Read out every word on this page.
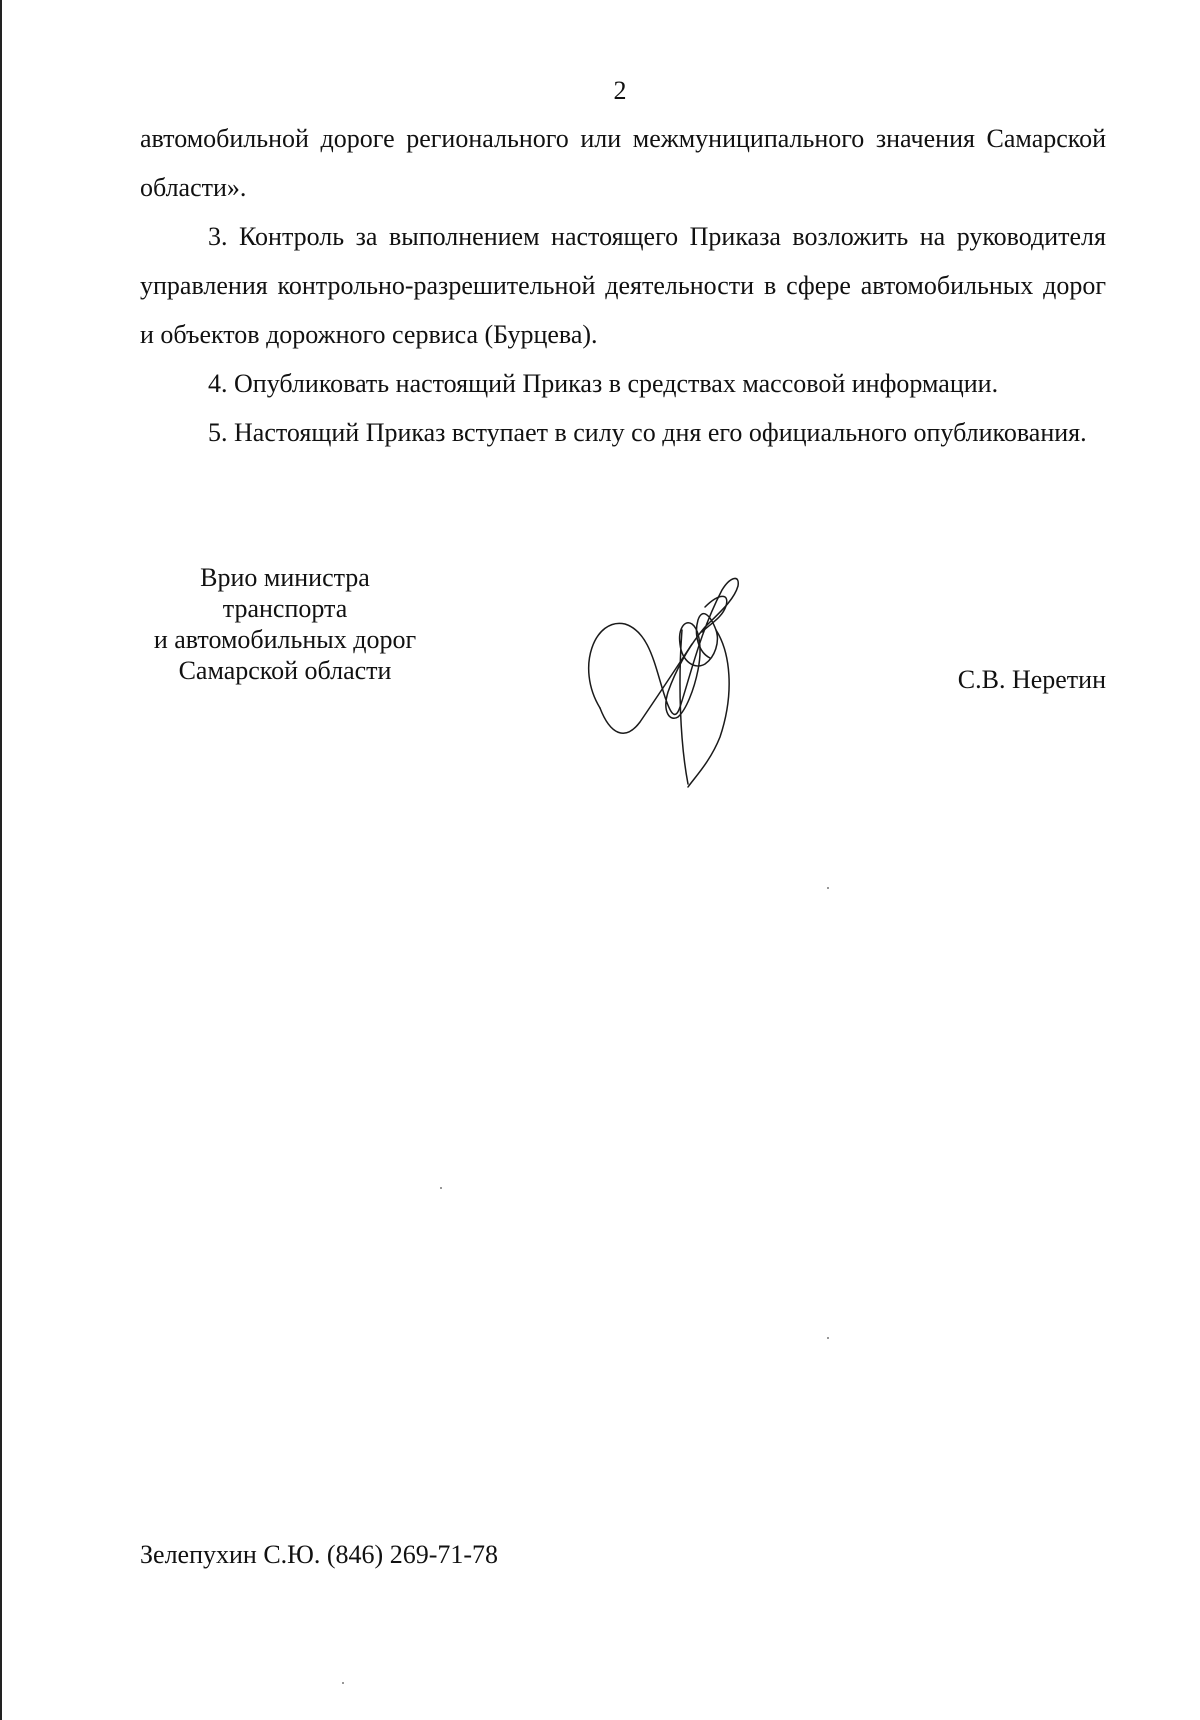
2

автомобильной дороге регионального или межмуниципального значения Самарской области».

3. Контроль за выполнением настоящего Приказа возложить на руководителя управления контрольно-разрешительной деятельности в сфере автомобильных дорог и объектов дорожного сервиса (Бурцева).

4. Опубликовать настоящий Приказ в средствах массовой информации.

5. Настоящий Приказ вступает в силу со дня его официального опубликования.

Врио министра
транспорта
и автомобильных дорог
Самарской области	С.В. Неретин
Зелепухин С.Ю. (846) 269-71-78
